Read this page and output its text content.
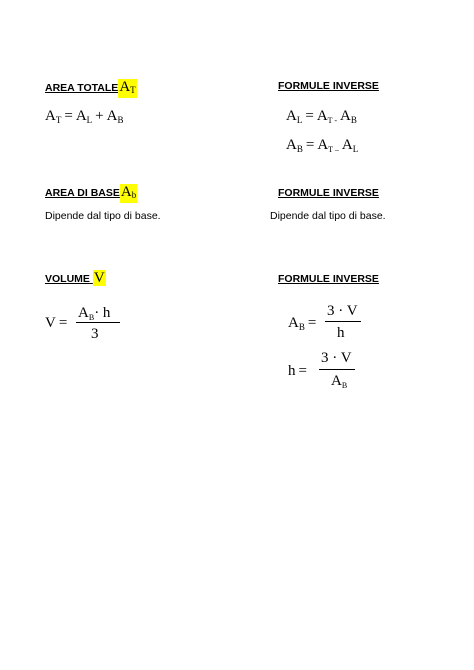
AREA $TOTALEA_T$
$A_T = A_L + A_B$
FORMULE INVERSE
$A_L = A_{T -}$ $A_B$
$A_B = A_{T -}$ $A_L$
AREA DI $BASEA_b$
Dipende dal tipo di base.
FORMULE INVERSE
Dipende dal tipo di base.
VOLUME V
V =
$A_B\cdot h$
3
FORMULE INVERSE
$A_B$ =
3 · V
h
h =
3 · V
$A_B$
